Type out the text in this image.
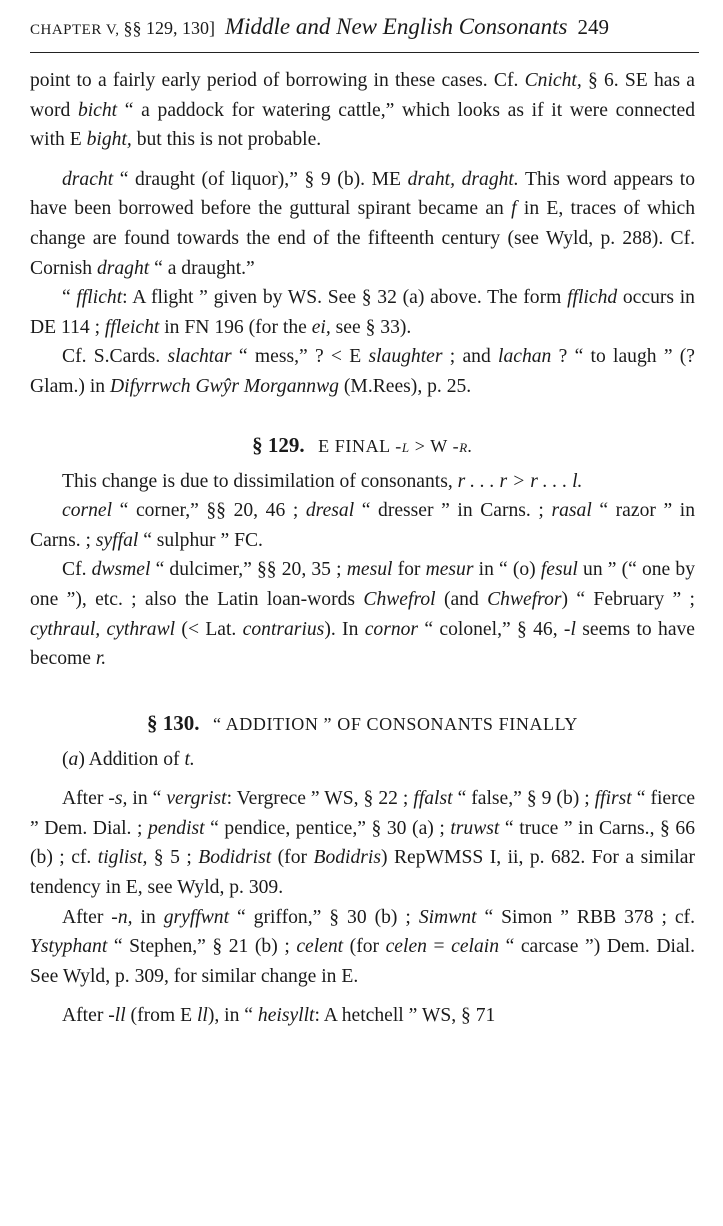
CHAPTER V, §§ 129, 130] Middle and New English Consonants 249

point to a fairly early period of borrowing in these cases. Cf. Cnicht, § 6. SE has a word bicht “ a paddock for watering cattle,” which looks as if it were connected with E bight, but this is not probable.

dracht “ draught (of liquor),” § 9 (b). ME draht, draght. This word appears to have been borrowed before the guttural spirant became an f in E, traces of which change are found towards the end of the fifteenth century (see Wyld, p. 288). Cf. Cornish draght “ a draught.”

“ fflicht: A flight ” given by WS. See § 32 (a) above. The form fflichd occurs in DE 114 ; ffleicht in FN 196 (for the ei, see § 33).

Cf. S.Cards. slachtar “ mess,” ? < E slaughter ; and lachan ? “ to laugh ” (? Glam.) in Difyrrwch Gwŷr Morgannwg (M.Rees), p. 25.

§ 129. E FINAL -l > W -r.

This change is due to dissimilation of consonants, r . . . r > r . . . l.

cornel “ corner,” §§ 20, 46 ; dresal “ dresser ” in Carns. ; rasal “ razor ” in Carns. ; syffal “ sulphur ” FC.

Cf. dwsmel “ dulcimer,” §§ 20, 35 ; mesul for mesur in “ (o) fesul un ” (“ one by one ”), etc. ; also the Latin loan-words Chwefrol (and Chwefror) “ February ” ; cythraul, cythrawl (< Lat. contrarius). In cornor “ colonel,” § 46, -l seems to have become r.

§ 130. “ ADDITION ” OF CONSONANTS FINALLY

(a) Addition of t.

After -s, in “ vergrist: Vergrece ” WS, § 22 ; ffalst “ false,” § 9 (b) ; ffirst “ fierce ” Dem. Dial. ; pendist “ pendice, pentice,” § 30 (a) ; truwst “ truce ” in Carns., § 66 (b) ; cf. tiglist, § 5 ; Bodidrist (for Bodidris) RepWMSS I, ii, p. 682. For a similar tendency in E, see Wyld, p. 309.

After -n, in gryffwnt “ griffon,” § 30 (b) ; Simwnt “ Simon ” RBB 378 ; cf. Ystyphant “ Stephen,” § 21 (b) ; celent (for celen = celain “ carcase ”) Dem. Dial. See Wyld, p. 309, for similar change in E.

After -ll (from E ll), in “ heisyllt: A hetchell ” WS, § 71
